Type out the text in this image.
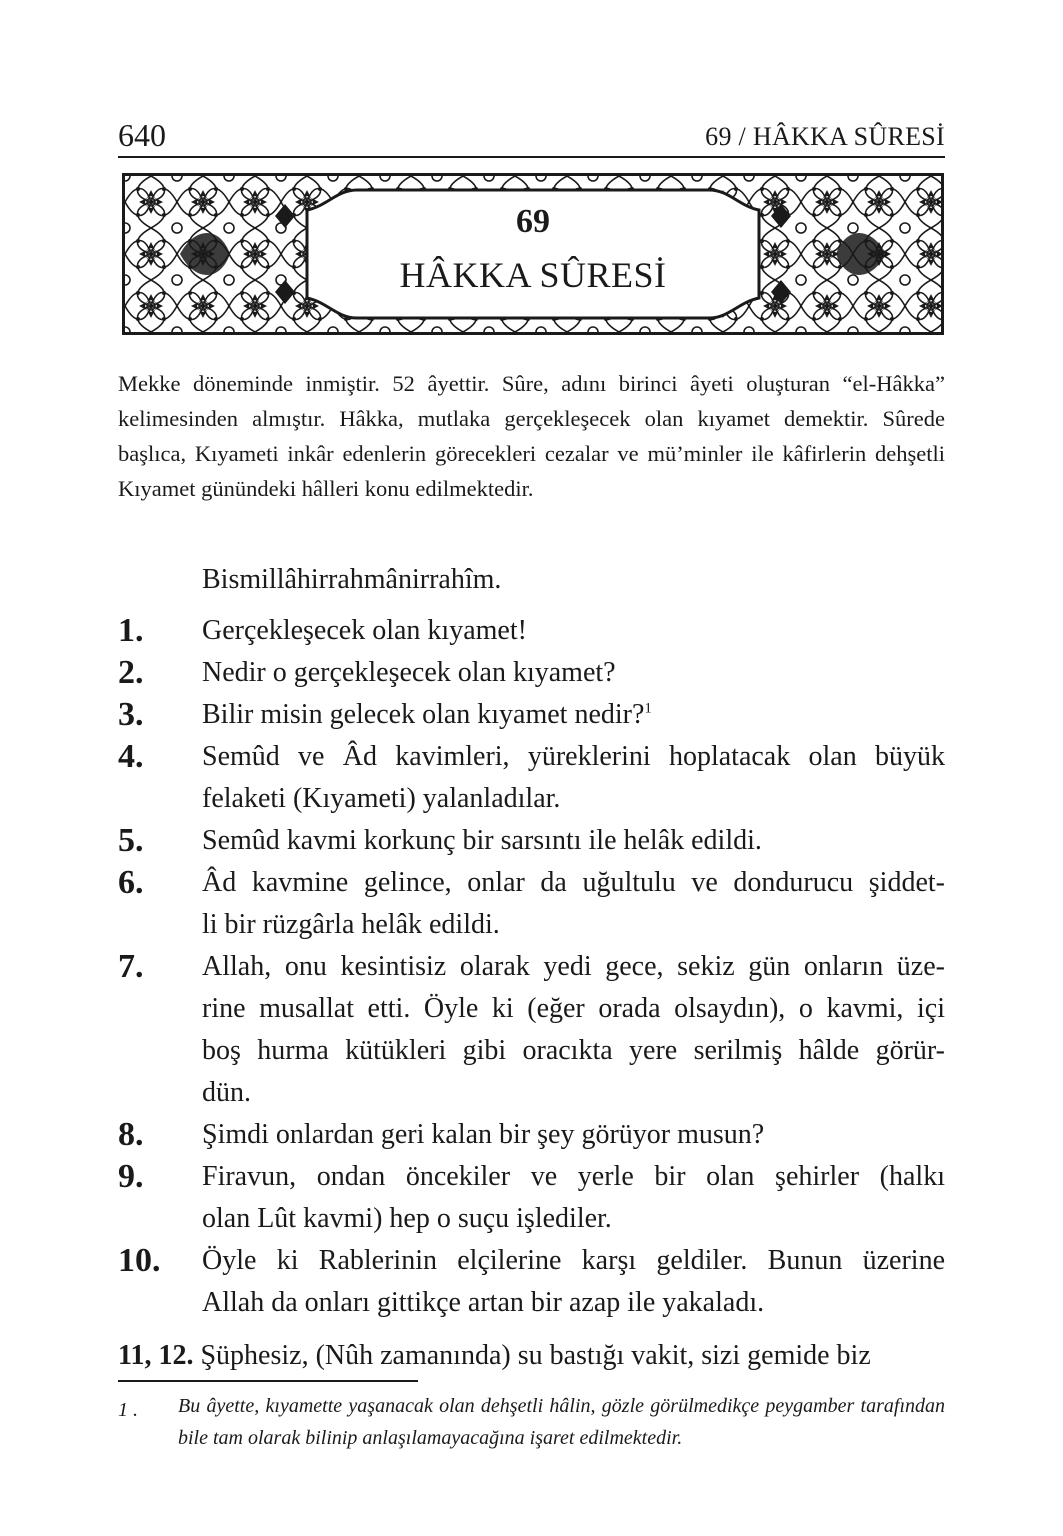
640	69 / HÂKKA SÛRESİ
69
HÂKKA SÛRESİ

Mekke döneminde inmiştir. 52 âyettir. Sûre, adını birinci âyeti oluşturan “el-Hâkka” kelimesinden almıştır. Hâkka, mutlaka gerçekleşecek olan kıyamet demektir. Sûrede başlıca, Kıyameti inkâr edenlerin görecekleri cezalar ve mü’minler ile kâfirlerin dehşetli Kıyamet günündeki hâlleri konu edilmektedir.

Bismillâhirrahmânirrahîm.
1. Gerçekleşecek olan kıyamet!
2. Nedir o gerçekleşecek olan kıyamet?
3. Bilir misin gelecek olan kıyamet nedir?$^1$
4. Semûd ve Âd kavimleri, yüreklerini hoplatacak olan büyük
felaketi (Kıyameti) yalanladılar.
5. Semûd kavmi korkunç bir sarsıntı ile helâk edildi.
6. Âd kavmine gelince, onlar da uğultulu ve dondurucu şiddet-
li bir rüzgârla helâk edildi.
7. Allah, onu kesintisiz olarak yedi gece, sekiz gün onların üze-
rine musallat etti. Öyle ki (eğer orada olsaydın), o kavmi, içi
boş hurma kütükleri gibi oracıkta yere serilmiş hâlde görür-
dün.
8. Şimdi onlardan geri kalan bir şey görüyor musun?
9. Firavun, ondan öncekiler ve yerle bir olan şehirler (halkı
olan Lût kavmi) hep o suçu işlediler.
10. Öyle ki Rablerinin elçilerine karşı geldiler. Bunun üzerine
Allah da onları gittikçe artan bir azap ile yakaladı.
11, 12. Şüphesiz, (Nûh zamanında) su bastığı vakit, sizi gemide biz
1 . Bu âyette, kıyamette yaşanacak olan dehşetli hâlin, gözle görülmedikçe peygamber tarafından bile tam olarak bilinip anlaşılamayacağına işaret edilmektedir.
